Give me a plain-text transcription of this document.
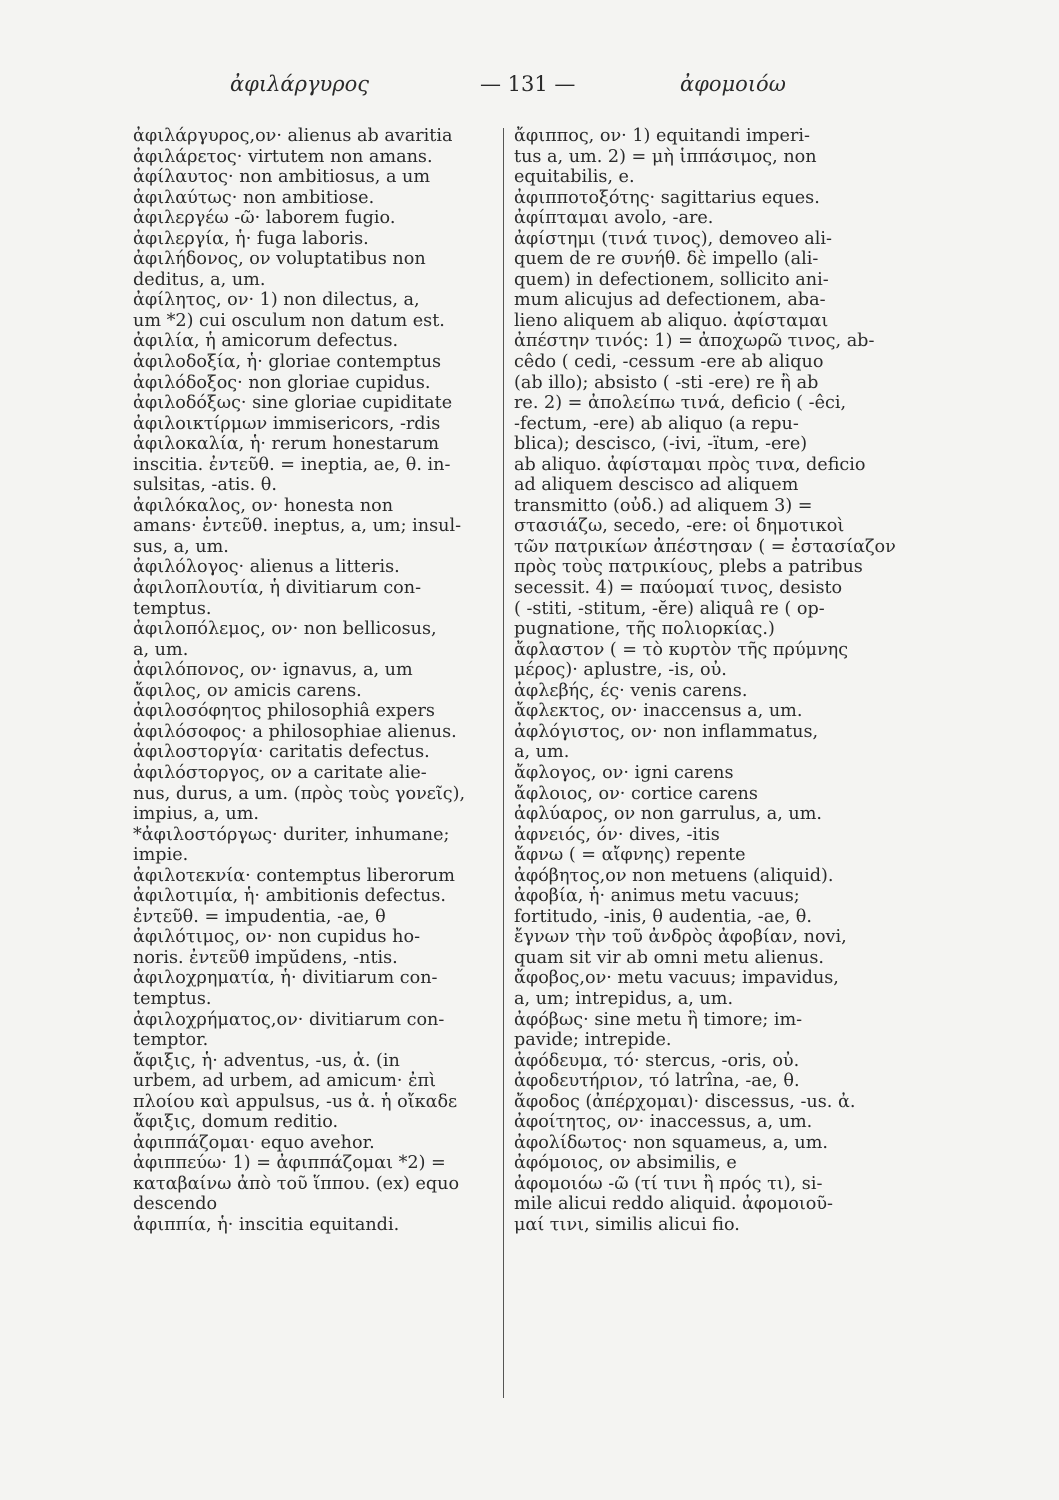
ἀφιλάργυρος	— 131 —	ἀφομοιόω
ἀφιλάργυρος,ον· alienus ab avaritia
ἀφιλάρετος· virtutem non amans.
ἀφίλαυτος· non ambitiosus, a um
ἀφιλαύτως· non ambitiose.
ἀφιλεργέω -ῶ· laborem fugio.
ἀφιλεργία, ἡ· fuga laboris.
ἀφιλήδονος, ον voluptatibus non
deditus, a, um.
ἀφίλητος, ον· 1) non dilectus, a,
um *2) cui osculum non datum est.
ἀφιλία, ἡ amicorum defectus.
ἀφιλοδοξία, ἡ· gloriae contemptus
ἀφιλόδοξος· non gloriae cupidus.
ἀφιλοδόξως· sine gloriae cupiditate
ἀφιλοικτίρμων immisericors, -rdis
ἀφιλοκαλία, ἡ· rerum honestarum
inscitia. ἐντεῦθ. = ineptia, ae, θ. in-
sulsitas, -atis. θ.
ἀφιλόκαλος, ον· honesta non
amans· ἐντεῦθ. ineptus, a, um; insul-
sus, a, um.
ἀφιλόλογος· alienus a litteris.
ἀφιλοπλουτία, ἡ divitiarum con-
temptus.
ἀφιλοπόλεμος, ον· non bellicosus,
a, um.
ἀφιλόπονος, ον· ignavus, a, um
ἄφιλος, ον amicis carens.
ἀφιλοσόφητος philosophiâ expers
ἀφιλόσοφος· a philosophiae alienus.
ἀφιλοστοργία· caritatis defectus.
ἀφιλόστοργος, ον a caritate alie-
nus, durus, a um. (πρὸς τοὺς γονεῖς),
impius, a, um.
*ἀφιλοστόργως· duriter, inhumane;
impie.
ἀφιλοτεκνία· contemptus liberorum
ἀφιλοτιμία, ἡ· ambitionis defectus.
ἐντεῦθ. = impudentia, -ae, θ
ἀφιλότιμος, ον· non cupidus ho-
noris. ἐντεῦθ impŭdens, -ntis.
ἀφιλοχρηματία, ἡ· divitiarum con-
temptus.
ἀφιλοχρήματος,ον· divitiarum con-
temptor.
ἄφιξις, ἡ· adventus, -us, ἀ. (in
urbem, ad urbem, ad amicum· ἐπὶ
πλοίου καὶ appulsus, -us ἀ. ἡ οἴκαδε
ἄφιξις, domum reditio.
ἀφιππάζομαι· equo avehor.
ἀφιππεύω· 1) = ἀφιππάζομαι *2) =
καταβαίνω ἀπὸ τοῦ ἵππου. (ex) equo
descendo
ἀφιππία, ἡ· inscitia equitandi.
ἄφιππος, ον· 1) equitandi imperi-
tus a, um. 2) = μὴ ἱππάσιμος, non
equitabilis, e.
ἀφιπποτοξότης· sagittarius eques.
ἀφίπταμαι avolo, -are.
ἀφίστημι (τινά τινος), demoveo ali-
quem de re συνήθ. δὲ impello (ali-
quem) in defectionem, sollicito ani-
mum alicujus ad defectionem, aba-
lieno aliquem ab aliquo. ἀφίσταμαι
ἀπέστην τινός: 1) = ἀποχωρῶ τινος, ab-
cêdo ( cedi, -cessum -ere ab aliquo
(ab illo); absisto ( -sti -ere) re ἢ ab
re. 2) = ἀπολείπω τινά, deficio ( -êci,
-fectum, -ere) ab aliquo (a repu-
blica); descisco, (-ivi, -ïtum, -ere)
ab aliquo. ἀφίσταμαι πρὸς τινα, deficio
ad aliquem descisco ad aliquem
transmitto (οὐδ.) ad aliquem 3) =
στασιάζω, secedo, -ere: οἱ δημοτικοὶ
τῶν πατρικίων ἀπέστησαν ( = ἐστασίαζον
πρὸς τοὺς πατρικίους, plebs a patribus
secessit. 4) = παύομαί τινος, desisto
( -stiti, -stitum, -ĕre) aliquâ re ( op-
pugnatione, τῆς πολιορκίας.)
ἄφλαστον ( = τὸ κυρτὸν τῆς πρύμνης
μέρος)· aplustre, -is, οὐ.
ἀφλεβής, ές· venis carens.
ἄφλεκτος, ον· inaccensus a, um.
ἀφλόγιστος, ον· non inflammatus,
a, um.
ἄφλογος, ον· igni carens
ἄφλοιος, ον· cortice carens
ἀφλύαρος, ον non garrulus, a, um.
ἀφνειός, όν· dives, -itis
ἄφνω ( = αἴφνης) repente
ἀφόβητος,ον non metuens (aliquid).
ἀφοβία, ἡ· animus metu vacuus;
fortitudo, -inis, θ audentia, -ae, θ.
ἔγνων τὴν τοῦ ἀνδρὸς ἀφοβίαν, novi,
quam sit vir ab omni metu alienus.
ἄφοβος,ον· metu vacuus; impavidus,
a, um; intrepidus, a, um.
ἀφόβως· sine metu ἢ timore; im-
pavide; intrepide.
ἀφόδευμα, τό· stercus, -oris, οὐ.
ἀφοδευτήριον, τό latrîna, -ae, θ.
ἄφοδος (ἀπέρχομαι)· discessus, -us. ἀ.
ἀφοίτητος, ον· inaccessus, a, um.
ἀφολίδωτος· non squameus, a, um.
ἀφόμοιος, ον absimilis, e
ἀφομοιόω -ῶ (τί τινι ἢ πρός τι), si-
mile alicui reddo aliquid. ἀφομοιοῦ-
μαί τινι, similis alicui fio.
